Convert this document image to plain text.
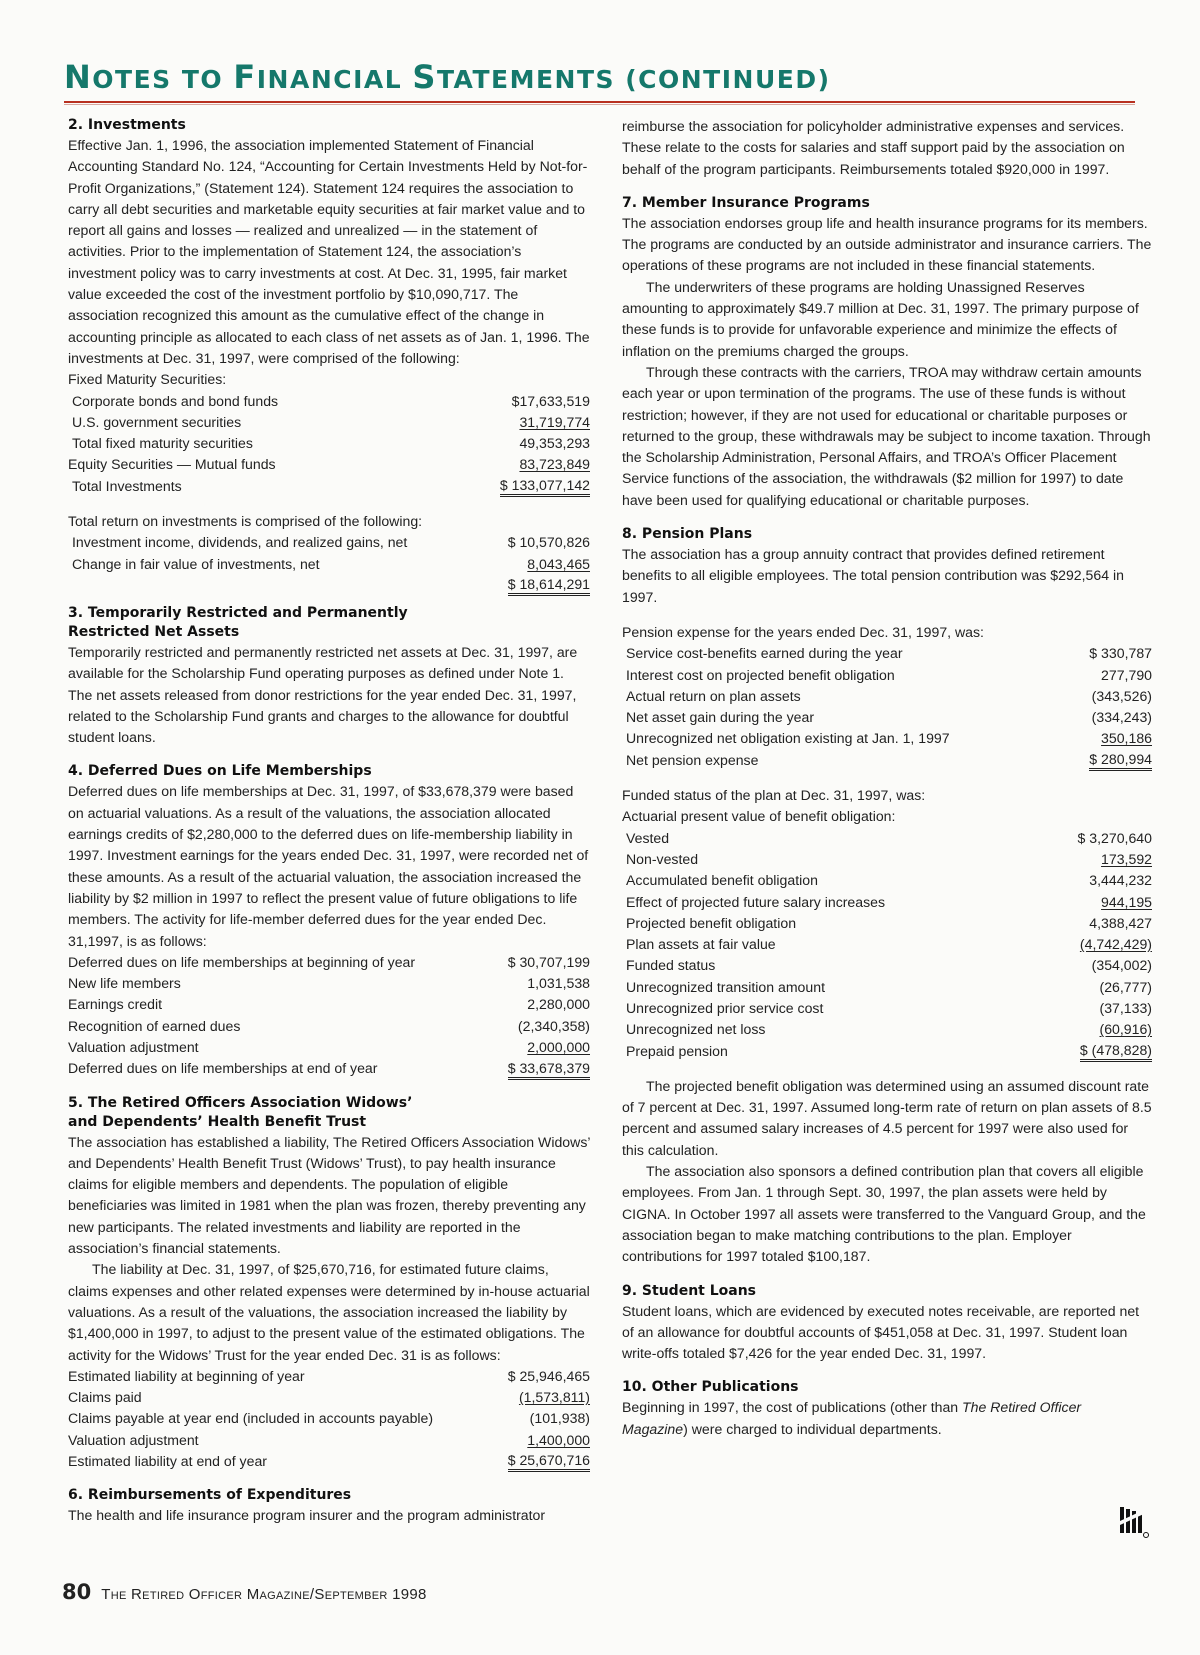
NOTES TO FINANCIAL STATEMENTS (CONTINUED)
2. Investments

Effective Jan. 1, 1996, the association implemented Statement of Financial Accounting Standard No. 124, “Accounting for Certain Investments Held by Not-for-Profit Organizations,” (Statement 124). Statement 124 requires the association to carry all debt securities and marketable equity securities at fair market value and to report all gains and losses — realized and unrealized — in the statement of activities. Prior to the implementation of Statement 124, the association’s investment policy was to carry investments at cost. At Dec. 31, 1995, fair market value exceeded the cost of the investment portfolio by $10,090,717. The association recognized this amount as the cumulative effect of the change in accounting principle as allocated to each class of net assets as of Jan. 1, 1996. The investments at Dec. 31, 1997, were comprised of the following:

Fixed Maturity Securities:
Corporate bonds and bond funds	$17,633,519
U.S. government securities	31,719,774
Total fixed maturity securities	49,353,293
Equity Securities — Mutual funds	83,723,849
Total Investments	$ 133,077,142
Total return on investments is comprised of the following:
Investment income, dividends, and realized gains, net	$ 10,570,826
Change in fair value of investments, net	8,043,465
$ 18,614,291
3. Temporarily Restricted and Permanently
Restricted Net Assets

Temporarily restricted and permanently restricted net assets at Dec. 31, 1997, are available for the Scholarship Fund operating purposes as defined under Note 1. The net assets released from donor restrictions for the year ended Dec. 31, 1997, related to the Scholarship Fund grants and charges to the allowance for doubtful student loans.

4. Deferred Dues on Life Memberships

Deferred dues on life memberships at Dec. 31, 1997, of $33,678,379 were based on actuarial valuations. As a result of the valuations, the association allocated earnings credits of $2,280,000 to the deferred dues on life-membership liability in 1997. Investment earnings for the years ended Dec. 31, 1997, were recorded net of these amounts. As a result of the actuarial valuation, the association increased the liability by $2 million in 1997 to reflect the present value of future obligations to life members. The activity for life-member deferred dues for the year ended Dec. 31,1997, is as follows:

Deferred dues on life memberships at beginning of year	$ 30,707,199
New life members	1,031,538
Earnings credit	2,280,000
Recognition of earned dues	(2,340,358)
Valuation adjustment	2,000,000
Deferred dues on life memberships at end of year	$ 33,678,379
5. The Retired Officers Association Widows’
and Dependents’ Health Benefit Trust

The association has established a liability, The Retired Officers Association Widows’ and Dependents’ Health Benefit Trust (Widows’ Trust), to pay health insurance claims for eligible members and dependents. The population of eligible beneficiaries was limited in 1981 when the plan was frozen, thereby preventing any new participants. The related investments and liability are reported in the association’s financial statements.

The liability at Dec. 31, 1997, of $25,670,716, for estimated future claims, claims expenses and other related expenses were determined by in-house actuarial valuations. As a result of the valuations, the association increased the liability by $1,400,000 in 1997, to adjust to the present value of the estimated obligations. The activity for the Widows’ Trust for the year ended Dec. 31 is as follows:

Estimated liability at beginning of year	$ 25,946,465
Claims paid	(1,573,811)
Claims payable at year end (included in accounts payable)	(101,938)
Valuation adjustment	1,400,000
Estimated liability at end of year	$ 25,670,716
6. Reimbursements of Expenditures

The health and life insurance program insurer and the program administrator

reimburse the association for policyholder administrative expenses and services. These relate to the costs for salaries and staff support paid by the association on behalf of the program participants. Reimbursements totaled $920,000 in 1997.

7. Member Insurance Programs

The association endorses group life and health insurance programs for its members. The programs are conducted by an outside administrator and insurance carriers. The operations of these programs are not included in these financial statements.

The underwriters of these programs are holding Unassigned Reserves amounting to approximately $49.7 million at Dec. 31, 1997. The primary purpose of these funds is to provide for unfavorable experience and minimize the effects of inflation on the premiums charged the groups.

Through these contracts with the carriers, TROA may withdraw certain amounts each year or upon termination of the programs. The use of these funds is without restriction; however, if they are not used for educational or charitable purposes or returned to the group, these withdrawals may be subject to income taxation. Through the Scholarship Administration, Personal Affairs, and TROA’s Officer Placement Service functions of the association, the withdrawals ($2 million for 1997) to date have been used for qualifying educational or charitable purposes.

8. Pension Plans

The association has a group annuity contract that provides defined retirement benefits to all eligible employees. The total pension contribution was $292,564 in 1997.

Pension expense for the years ended Dec. 31, 1997, was:
Service cost-benefits earned during the year	$ 330,787
Interest cost on projected benefit obligation	277,790
Actual return on plan assets	(343,526)
Net asset gain during the year	(334,243)
Unrecognized net obligation existing at Jan. 1, 1997	350,186
Net pension expense	$ 280,994
Funded status of the plan at Dec. 31, 1997, was:
Actuarial present value of benefit obligation:
Vested	$ 3,270,640
Non-vested	173,592
Accumulated benefit obligation	3,444,232
Effect of projected future salary increases	944,195
Projected benefit obligation	4,388,427
Plan assets at fair value	(4,742,429)
Funded status	(354,002)
Unrecognized transition amount	(26,777)
Unrecognized prior service cost	(37,133)
Unrecognized net loss	(60,916)
Prepaid pension	$ (478,828)

The projected benefit obligation was determined using an assumed discount rate of 7 percent at Dec. 31, 1997. Assumed long-term rate of return on plan assets of 8.5 percent and assumed salary increases of 4.5 percent for 1997 were also used for this calculation.

The association also sponsors a defined contribution plan that covers all eligible employees. From Jan. 1 through Sept. 30, 1997, the plan assets were held by CIGNA. In October 1997 all assets were transferred to the Vanguard Group, and the association began to make matching contributions to the plan. Employer contributions for 1997 totaled $100,187.

9. Student Loans

Student loans, which are evidenced by executed notes receivable, are reported net of an allowance for doubtful accounts of $451,058 at Dec. 31, 1997. Student loan write-offs totaled $7,426 for the year ended Dec. 31, 1997.

10. Other Publications

Beginning in 1997, the cost of publications (other than The Retired Officer Magazine) were charged to individual departments.

80 The Retired Officer Magazine/September 1998
